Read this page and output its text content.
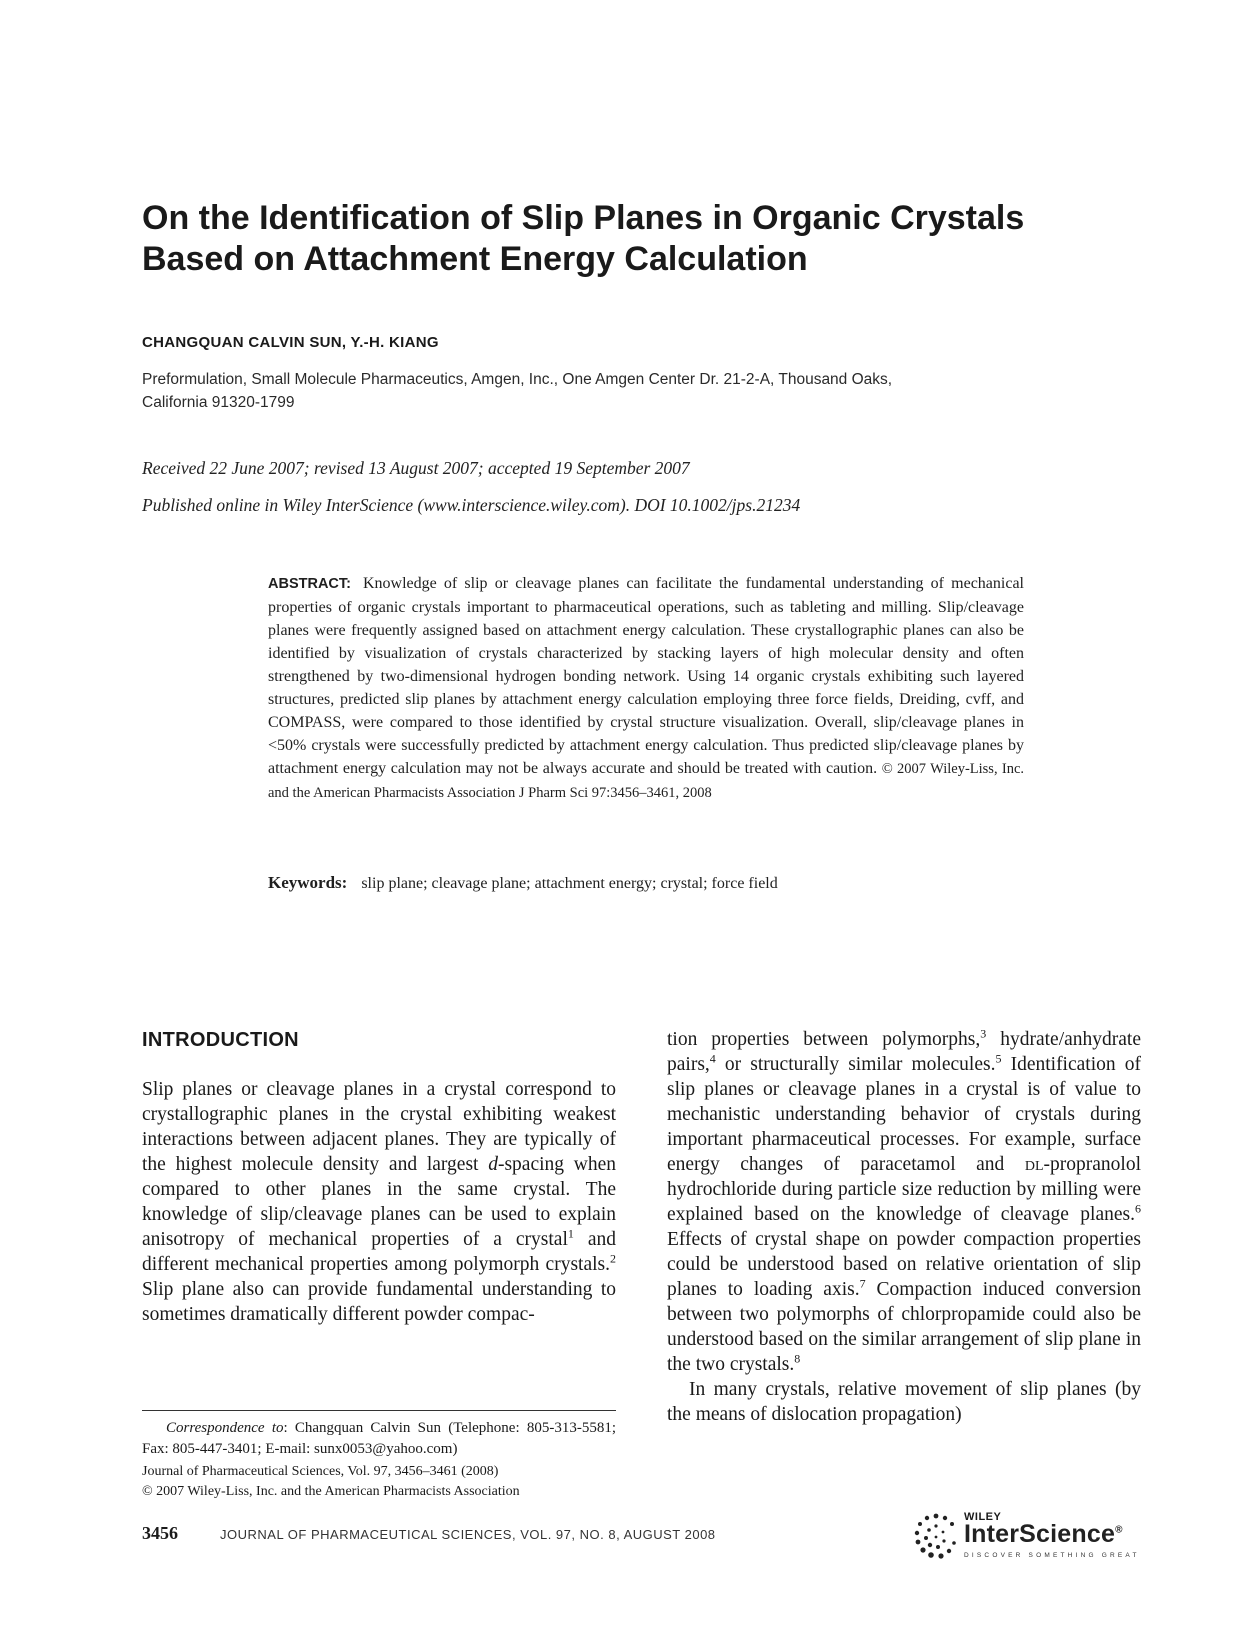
On the Identification of Slip Planes in Organic Crystals
Based on Attachment Energy Calculation
CHANGQUAN CALVIN SUN, Y.-H. KIANG
Preformulation, Small Molecule Pharmaceutics, Amgen, Inc., One Amgen Center Dr. 21-2-A, Thousand Oaks,
California 91320-1799
Received 22 June 2007; revised 13 August 2007; accepted 19 September 2007
Published online in Wiley InterScience (www.interscience.wiley.com). DOI 10.1002/jps.21234
ABSTRACT: Knowledge of slip or cleavage planes can facilitate the fundamental understanding of mechanical properties of organic crystals important to pharmaceutical operations, such as tableting and milling. Slip/cleavage planes were frequently assigned based on attachment energy calculation. These crystallographic planes can also be identified by visualization of crystals characterized by stacking layers of high molecular density and often strengthened by two-dimensional hydrogen bonding network. Using 14 organic crystals exhibiting such layered structures, predicted slip planes by attachment energy calculation employing three force fields, Dreiding, cvff, and COMPASS, were compared to those identified by crystal structure visualization. Overall, slip/cleavage planes in <50% crystals were successfully predicted by attachment energy calculation. Thus predicted slip/cleavage planes by attachment energy calculation may not be always accurate and should be treated with caution. © 2007 Wiley-Liss, Inc. and the American Pharmacists Association J Pharm Sci 97:3456–3461, 2008
Keywords: slip plane; cleavage plane; attachment energy; crystal; force field
INTRODUCTION

Slip planes or cleavage planes in a crystal correspond to crystallographic planes in the crystal exhibiting weakest interactions between adjacent planes. They are typically of the highest molecule density and largest d-spacing when compared to other planes in the same crystal. The knowledge of slip/cleavage planes can be used to explain anisotropy of mechanical properties of a crystal$^1$ and different mechanical properties among polymorph crystals.$^2$ Slip plane also can provide fundamental understanding to sometimes dramatically different powder compac-

tion properties between polymorphs,$^3$ hydrate/anhydrate pairs,$^4$ or structurally similar molecules.$^5$ Identification of slip planes or cleavage planes in a crystal is of value to mechanistic understanding behavior of crystals during important pharmaceutical processes. For example, surface energy changes of paracetamol and dl-propranolol hydrochloride during particle size reduction by milling were explained based on the knowledge of cleavage planes.$^6$ Effects of crystal shape on powder compaction properties could be understood based on relative orientation of slip planes to loading axis.$^7$ Compaction induced conversion between two polymorphs of chlorpropamide could also be understood based on the similar arrangement of slip plane in the two crystals.$^8$

In many crystals, relative movement of slip planes (by the means of dislocation propagation)

Correspondence to: Changquan Calvin Sun (Telephone: 805-313-5581; Fax: 805-447-3401; E-mail: sunx0053@yahoo.com)
Journal of Pharmaceutical Sciences, Vol. 97, 3456–3461 (2008)
© 2007 Wiley-Liss, Inc. and the American Pharmacists Association
3456	JOURNAL OF PHARMACEUTICAL SCIENCES, VOL. 97, NO. 8, AUGUST 2008
WILEY
InterScience®
DISCOVER SOMETHING GREAT
